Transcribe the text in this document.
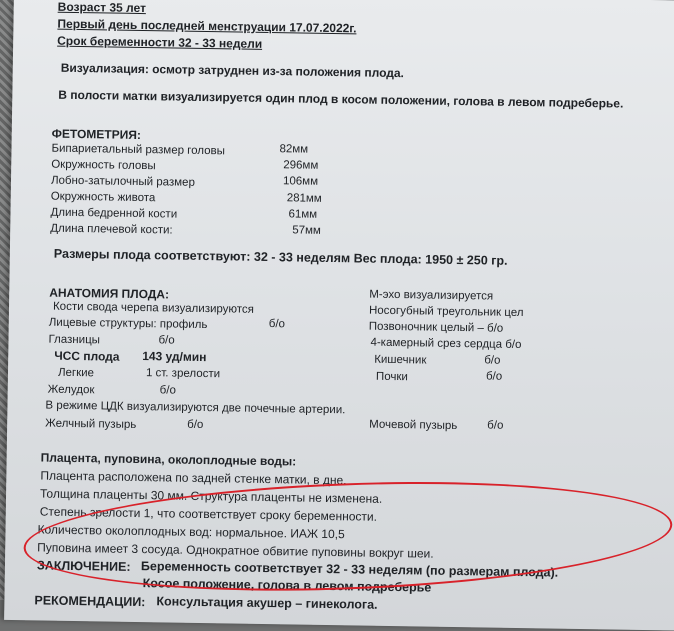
Возраст 35 лет
Первый день последней менструации 17.07.2022г.
Срок беременности 32 - 33 недели
Визуализация: осмотр затруднен из-за положения плода.
В полости матки визуализируется один плод в косом положении, голова в левом подреберье.
ФЕТОМЕТРИЯ:
Бипариетальный размер головы	82мм
Окружность головы	296мм
Лобно-затылочный размер	106мм
Окружность живота	281мм
Длина бедренной кости	61мм
Длина плечевой кости:	57мм
Размеры плода соответствуют: 32 - 33 неделям Вес плода: 1950 ± 250 гр.
АНАТОМИЯ ПЛОДА:
Кости свода черепа визуализируются
Лицевые структуры: профиль	б/о
Глазницы	б/о
ЧСС плода 143 уд/мин
Легкие	1 ст. зрелости
Желудок	б/о
М-эхо визуализируется
Носогубный треугольник цел
Позвоночник целый – б/о
4-камерный срез сердца б/о
Кишечник	б/о
Почки	б/о
В режиме ЦДК визуализируются две почечные артерии.
Желчный пузырь	б/о	Мочевой пузырь	б/о
Плацента, пуповина, околоплодные воды:
Плацента расположена по задней стенке матки, в дне.
Толщина плаценты 30 мм. Структура плаценты не изменена.
Степень зрелости 1, что соответствует сроку беременности.
Количество околоплодных вод: нормальное. ИАЖ 10,5
Пуповина имеет 3 сосуда. Однократное обвитие пуповины вокруг шеи.
ЗАКЛЮЧЕНИЕ: Беременность соответствует 32 - 33 неделям (по размерам плода).
Косое положение, голова в левом подреберье
РЕКОМЕНДАЦИИ: Консультация акушер – гинеколога.
